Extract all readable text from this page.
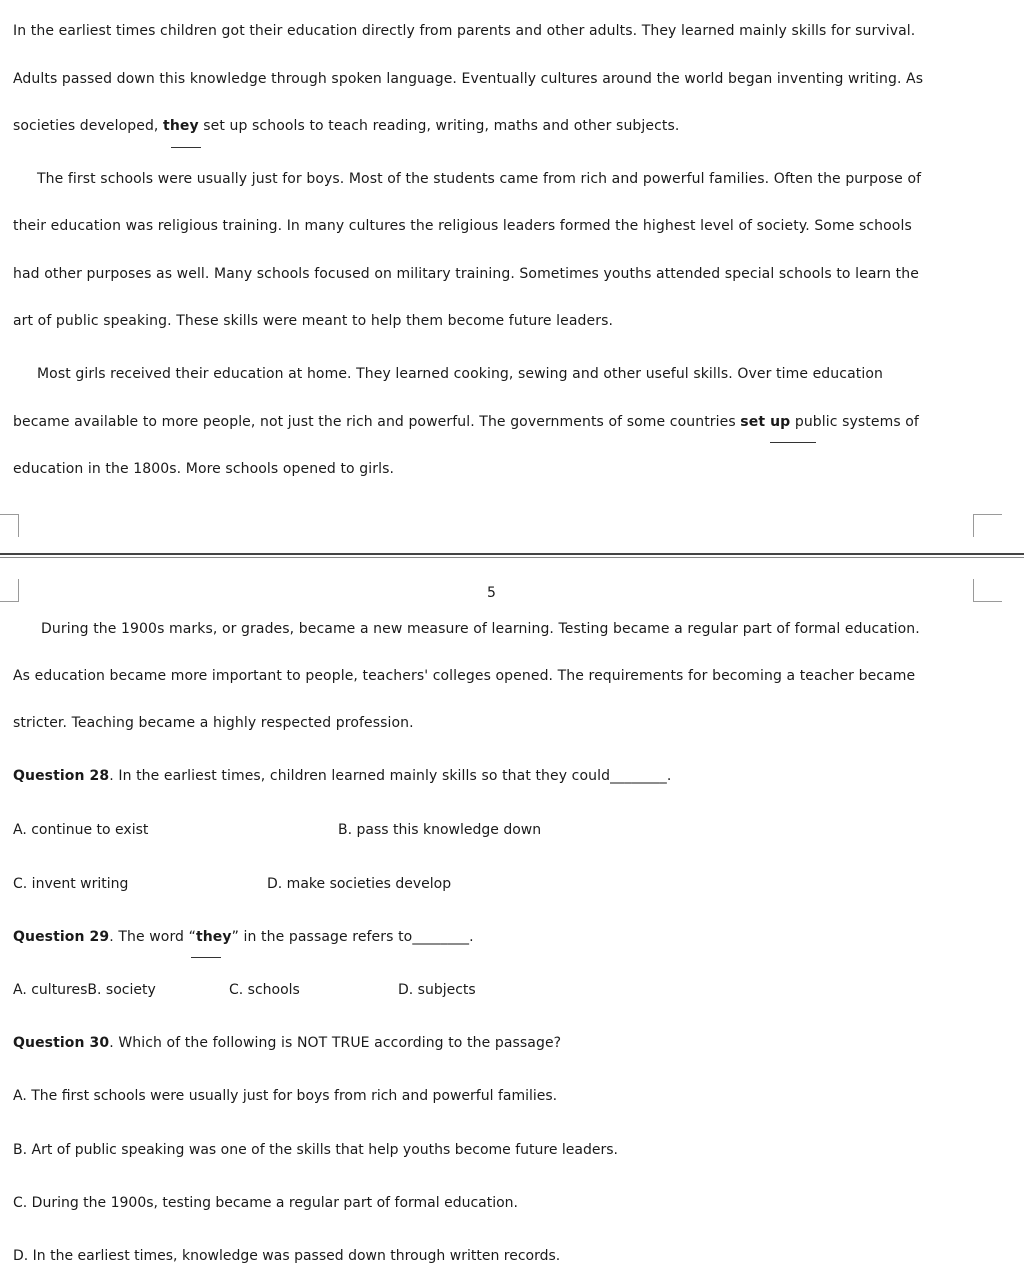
In the earliest times children got their education directly from parents and other adults. They learned mainly skills for survival.
Adults passed down this knowledge through spoken language. Eventually cultures around the world began inventing writing. As
societies developed, they set up schools to teach reading, writing, maths and other subjects.
The first schools were usually just for boys. Most of the students came from rich and powerful families. Often the purpose of
their education was religious training. In many cultures the religious leaders formed the highest level of society. Some schools
had other purposes as well. Many schools focused on military training. Sometimes youths attended special schools to learn the
art of public speaking. These skills were meant to help them become future leaders.
Most girls received their education at home. They learned cooking, sewing and other useful skills. Over time education
became available to more people, not just the rich and powerful. The governments of some countries set up public systems of
education in the 1800s. More schools opened to girls.
5
During the 1900s marks, or grades, became a new measure of learning. Testing became a regular part of formal education.
As education became more important to people, teachers' colleges opened. The requirements for becoming a teacher became
stricter. Teaching became a highly respected profession.
Question 28. In the earliest times, children learned mainly skills so that they could________.
A. continue to exist	B. pass this knowledge down
C. invent writing	D. make societies develop
Question 29. The word “they” in the passage refers to________.
A. culturesB. society	C. schools	D. subjects
Question 30. Which of the following is NOT TRUE according to the passage?
A. The first schools were usually just for boys from rich and powerful families.
B. Art of public speaking was one of the skills that help youths become future leaders.
C. During the 1900s, testing became a regular part of formal education.
D. In the earliest times, knowledge was passed down through written records.
